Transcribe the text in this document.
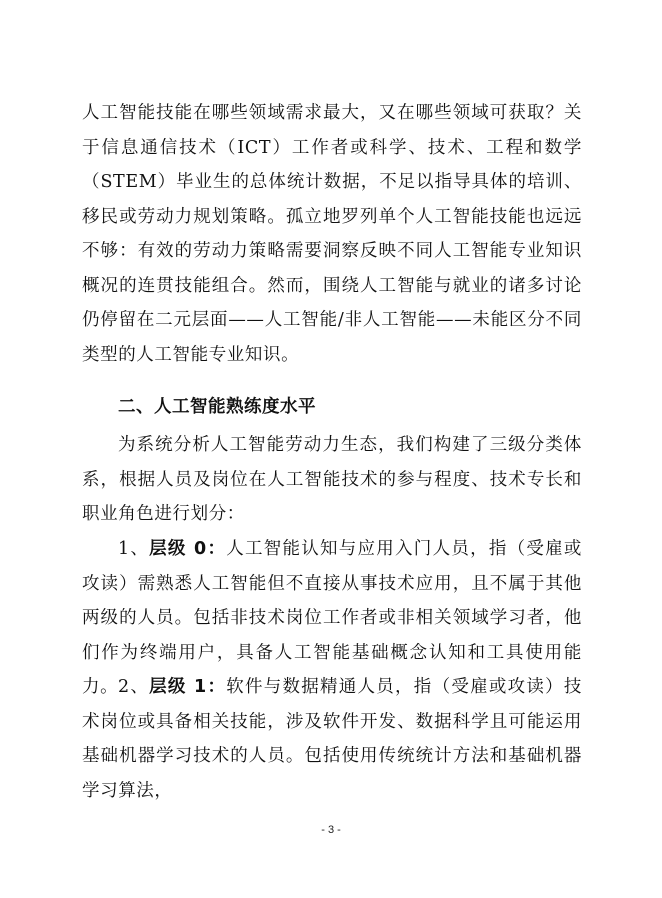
人工智能技能在哪些领域需求最大，又在哪些领域可获取？关于信息通信技术（ICT）工作者或科学、技术、工程和数学（STEM）毕业生的总体统计数据，不足以指导具体的培训、移民或劳动力规划策略。孤立地罗列单个人工智能技能也远远不够：有效的劳动力策略需要洞察反映不同人工智能专业知识概况的连贯技能组合。然而，围绕人工智能与就业的诸多讨论仍停留在二元层面——人工智能/非人工智能——未能区分不同类型的人工智能专业知识。
二、人工智能熟练度水平
为系统分析人工智能劳动力生态，我们构建了三级分类体系，根据人员及岗位在人工智能技术的参与程度、技术专长和职业角色进行划分：
1、层级 0：人工智能认知与应用入门人员，指（受雇或攻读）需熟悉人工智能但不直接从事技术应用，且不属于其他两级的人员。包括非技术岗位工作者或非相关领域学习者，他们作为终端用户，具备人工智能基础概念认知和工具使用能力。 2、层级 1：软件与数据精通人员，指（受雇或攻读）技术岗位或具备相关技能，涉及软件开发、数据科学且可能运用基础机器学习技术的人员。包括使用传统统计方法和基础机器学习算法，
- 3 -
